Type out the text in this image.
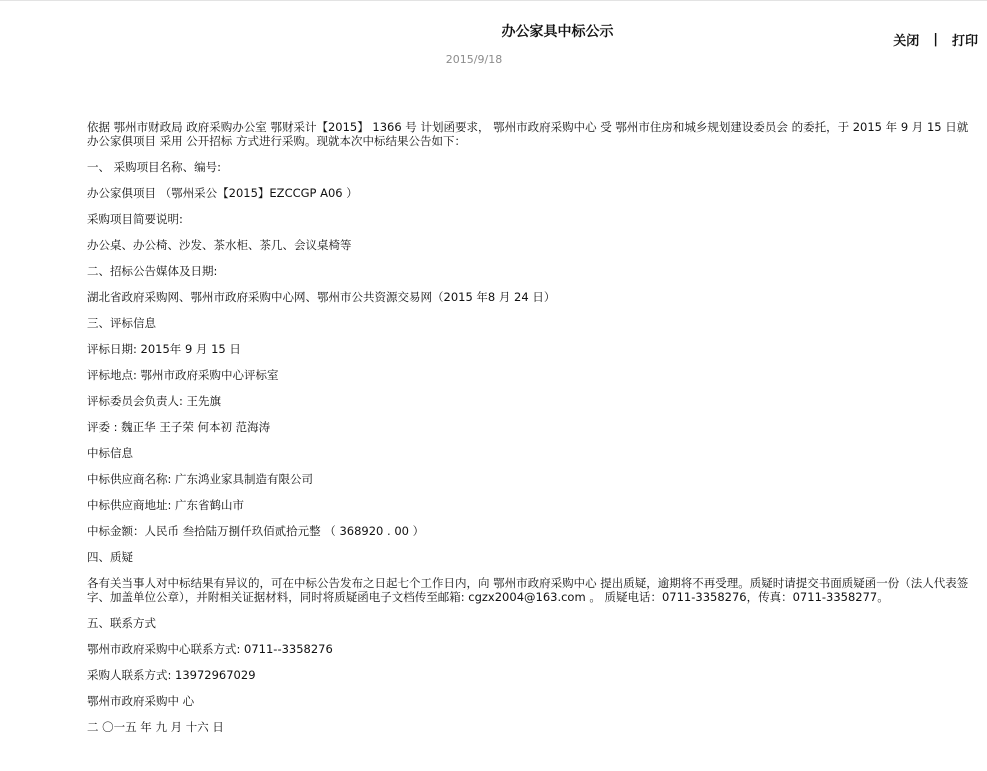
办公家具中标公示
2015/9/18
关闭 | 打印

依据 鄂州市财政局 政府采购办公室 鄂财采计【2015】 1366 号 计划函要求， 鄂州市政府采购中心 受 鄂州市住房和城乡规划建设委员会 的委托，于 2015 年 9 月 15 日就 办公家俱项目 采用 公开招标 方式进行采购。现就本次中标结果公告如下：

一、 采购项目名称、编号:

办公家俱项目 （鄂州采公【2015】EZCCGP A06 ）

采购项目简要说明:

办公桌、办公椅、沙发、茶水柜、茶几、会议桌椅等

二、招标公告媒体及日期:

湖北省政府采购网、鄂州市政府采购中心网、鄂州市公共资源交易网（2015 年8 月 24 日）

三、评标信息

评标日期: 2015年 9 月 15 日

评标地点: 鄂州市政府采购中心评标室

评标委员会负责人: 王先旗

评委 : 魏正华 王子荣 何本初 范海涛

中标信息

中标供应商名称: 广东鸿业家具制造有限公司

中标供应商地址: 广东省鹤山市

中标金额：人民币 叁拾陆万捌仟玖佰贰拾元整 （ 368920 . 00 ）

四、质疑

各有关当事人对中标结果有异议的，可在中标公告发布之日起七个工作日内，向 鄂州市政府采购中心 提出质疑，逾期将不再受理。质疑时请提交书面质疑函一份（法人代表签字、加盖单位公章），并附相关证据材料，同时将质疑函电子文档传至邮箱: cgzx2004@163.com 。 质疑电话：0711-3358276，传真：0711-3358277。

五、联系方式

鄂州市政府采购中心联系方式: 0711--3358276

采购人联系方式: 13972967029

鄂州市政府采购中 心

二 〇一五 年 九 月 十六 日
